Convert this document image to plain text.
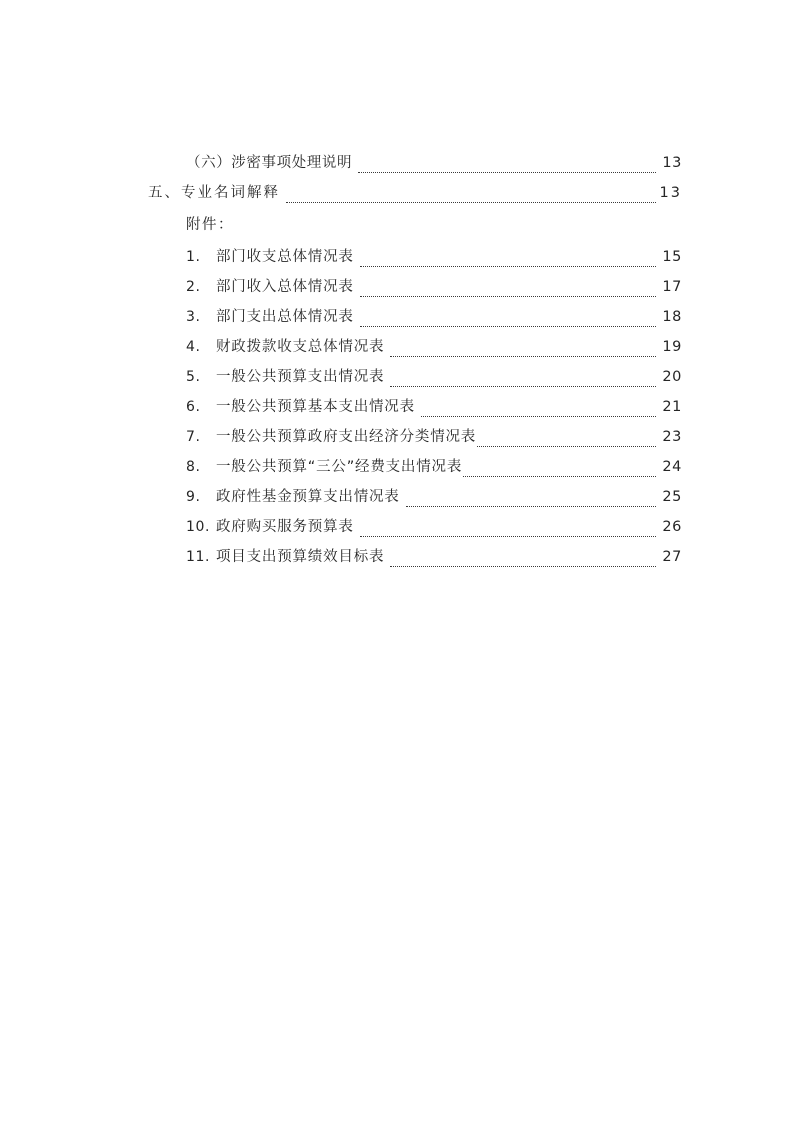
（六）涉密事项处理说明	13
五、专业名词解释	13
附件：
1.	部门收支总体情况表	15
2.	部门收入总体情况表	17
3.	部门支出总体情况表	18
4.	财政拨款收支总体情况表	19
5.	一般公共预算支出情况表	20
6.	一般公共预算基本支出情况表	21
7.	一般公共预算政府支出经济分类情况表	23
8.	一般公共预算“三公”经费支出情况表	24
9.	政府性基金预算支出情况表	25
10. 政府购买服务预算表	26
11. 项目支出预算绩效目标表	27
